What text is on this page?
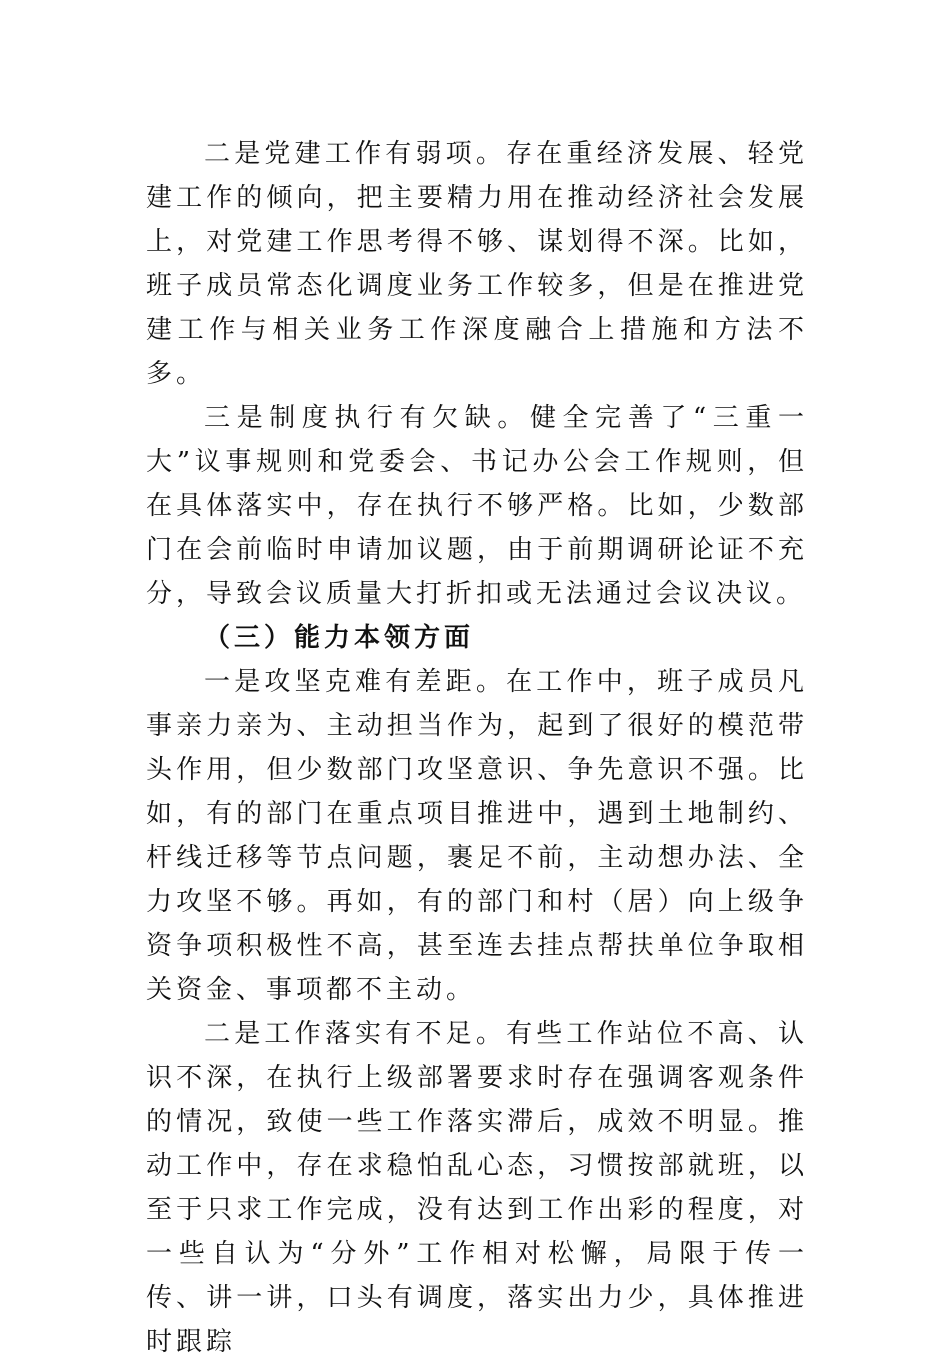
二是党建工作有弱项。存在重经济发展、轻党建工作的倾向，把主要精力用在推动经济社会发展上，对党建工作思考得不够、谋划得不深。比如，班子成员常态化调度业务工作较多，但是在推进党建工作与相关业务工作深度融合上措施和方法不多。

三是制度执行有欠缺。健全完善了“三重一大”议事规则和党委会、书记办公会工作规则，但在具体落实中，存在执行不够严格。比如，少数部门在会前临时申请加议题，由于前期调研论证不充分，导致会议质量大打折扣或无法通过会议决议。

（三）能力本领方面

一是攻坚克难有差距。在工作中，班子成员凡事亲力亲为、主动担当作为，起到了很好的模范带头作用，但少数部门攻坚意识、争先意识不强。比如，有的部门在重点项目推进中，遇到土地制约、杆线迁移等节点问题，裹足不前，主动想办法、全力攻坚不够。再如，有的部门和村（居）向上级争资争项积极性不高，甚至连去挂点帮扶单位争取相关资金、事项都不主动。

二是工作落实有不足。有些工作站位不高、认识不深，在执行上级部署要求时存在强调客观条件的情况，致使一些工作落实滞后，成效不明显。推动工作中，存在求稳怕乱心态，习惯按部就班，以至于只求工作完成，没有达到工作出彩的程度，对一些自认为“分外”工作相对松懈，局限于传一传、讲一讲，口头有调度，落实出力少，具体推进时跟踪
